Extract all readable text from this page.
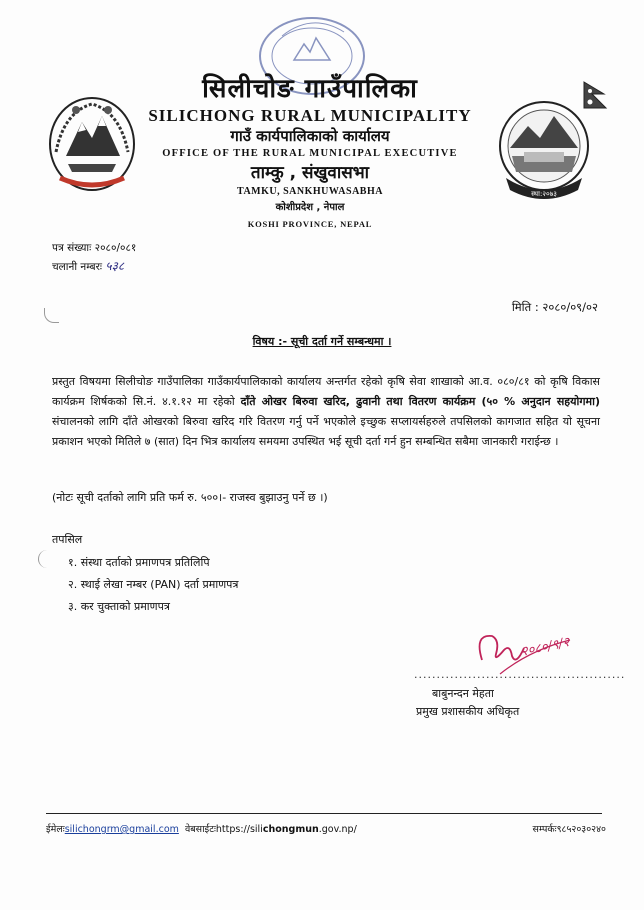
स्था:२०७३
सिलीचोङ गाउँपालिका
SILICHONG RURAL MUNICIPALITY
गाउँ कार्यपालिकाको कार्यालय
OFFICE OF THE RURAL MUNICIPAL EXECUTIVE
ताम्कु , संखुवासभा
TAMKU, SANKHUWASABHA
कोशीप्रदेश , नेपाल
KOSHI PROVINCE, NEPAL
पत्र संख्याः २०८०/०८१
चलानी नम्बरः ५३८
मिति : २०८०/०९/०२
विषय :- सूची दर्ता गर्ने सम्बन्धमा ।
प्रस्तुत विषयमा सिलीचोङ गाउँपालिका गाउँकार्यपालिकाको कार्यालय अन्तर्गत रहेको कृषि सेवा शाखाको आ.व. ०८०/८१ को कृषि विकास कार्यक्रम शिर्षकको सि.नं. ४.१.१२ मा रहेको दाँते ओखर बिरुवा खरिद, ढुवानी तथा वितरण कार्यक्रम (५० % अनुदान सहयोगमा) संचालनको लागि दाँते ओखरको बिरुवा खरिद गरि वितरण गर्नु पर्ने भएकोले इच्छुक सप्लायर्सहरुले तपसिलको कागजात सहित यो सूचना प्रकाशन भएको मितिले ७ (सात) दिन भित्र कार्यालय समयमा उपस्थित भई सूची दर्ता गर्न हुन सम्बन्धित सबैमा जानकारी गराईन्छ ।
(नोटः सूची दर्ताको लागि प्रति फर्म रु. ५००।- राजस्व बुझाउनु पर्ने छ ।)
तपसिल
१. संस्था दर्ताको प्रमाणपत्र प्रतिलिपि
२. स्थाई लेखा नम्बर (PAN) दर्ता प्रमाणपत्र
३. कर चुक्ताको प्रमाणपत्र
२०८०/९/२
...............................................
बाबुनन्दन मेहता
प्रमुख प्रशासकीय अधिकृत
ईमेलःsilichongrm@gmail.com वेबसाईटःhttps://silichongmun.gov.np/	सम्पर्कः९८५२०३०२४०
